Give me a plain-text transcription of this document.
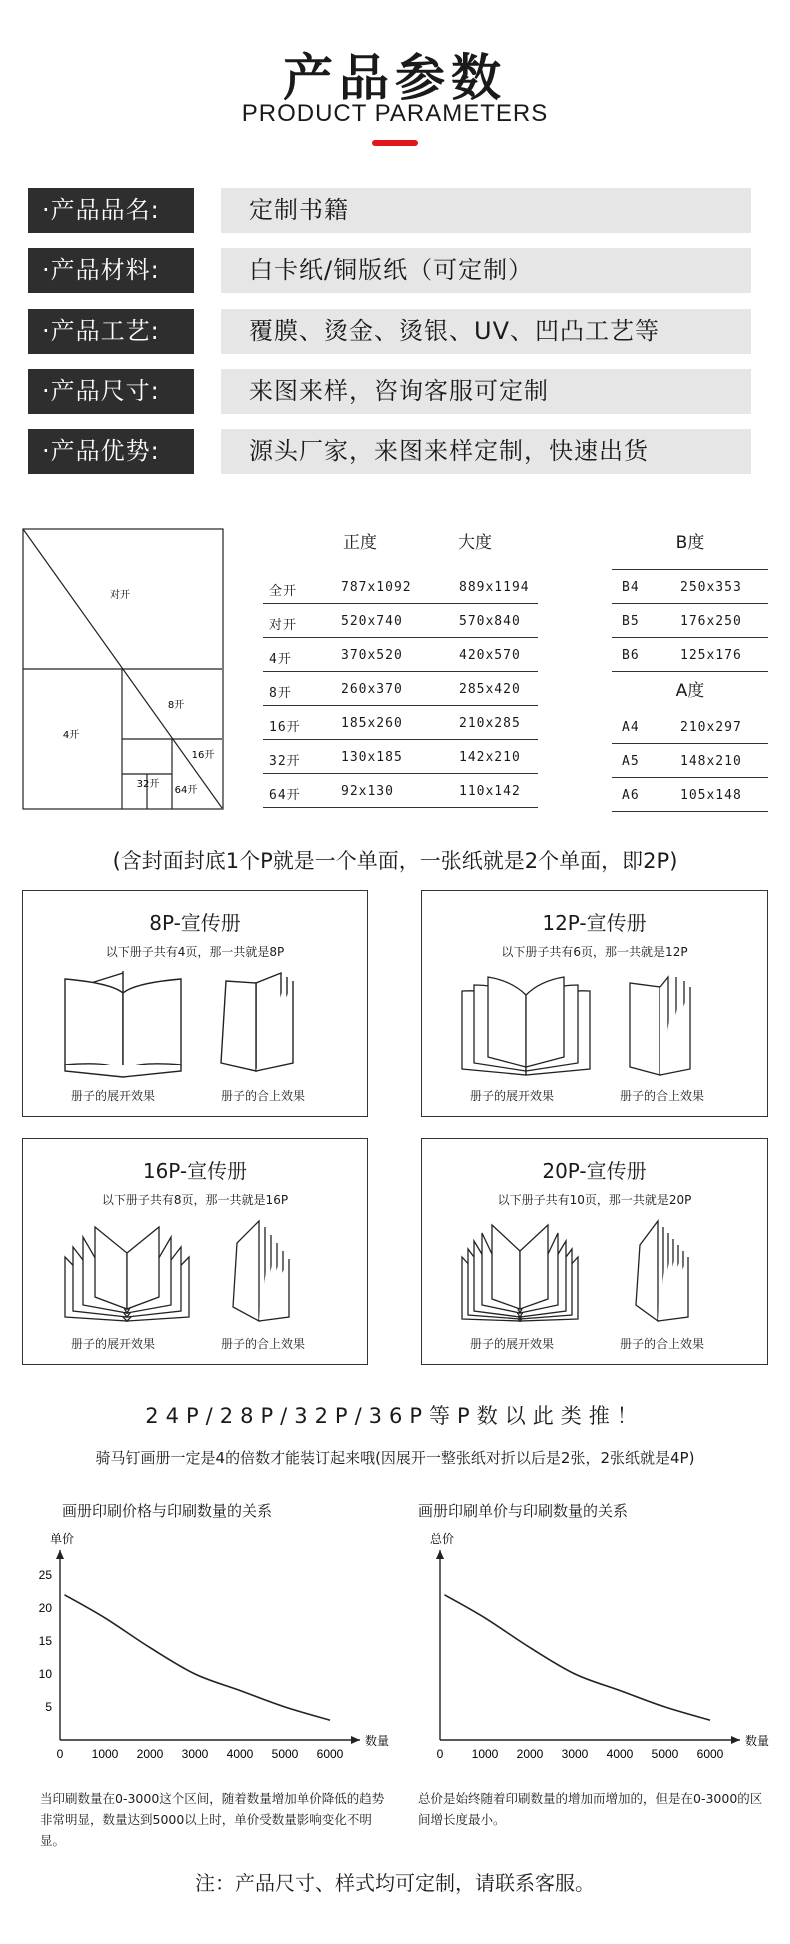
产品参数
PRODUCT PARAMETERS
·产品品名:	定制书籍
·产品材料:	白卡纸/铜版纸（可定制）
·产品工艺:	覆膜、烫金、烫银、UV、凹凸工艺等
·产品尺寸:	来图来样，咨询客服可定制
·产品优势:	源头厂家，来图来样定制，快速出货
对开
4开
8开
16开
32开
64开
正度	大度
全开	787x1092	889x1194
对开	520x740	570x840
4开	370x520	420x570
8开	260x370	285x420
16开	185x260	210x285
32开	130x185	142x210
64开	92x130	110x142
B度
A度
B4	250x353
B5	176x250
B6	125x176
A4	210x297
A5	148x210
A6	105x148
(含封面封底1个P就是一个单面，一张纸就是2个单面，即2P)
8P-宣传册
以下册子共有4页，那一共就是8P
册子的展开效果	册子的合上效果
12P-宣传册
以下册子共有6页，那一共就是12P
册子的展开效果	册子的合上效果
16P-宣传册
以下册子共有8页，那一共就是16P
册子的展开效果	册子的合上效果
20P-宣传册
以下册子共有10页，那一共就是20P
册子的展开效果	册子的合上效果
24P/28P/32P/36P等P数以此类推！
骑马钉画册一定是4的倍数才能装订起来哦(因展开一整张纸对折以后是2张，2张纸就是4P)
画册印刷价格与印刷数量的关系	画册印刷单价与印刷数量的关系
单价
数量
0 1000 2000 3000 4000 5000 6000
5
10
15
20
25
总价
数量
0 1000 2000 3000 4000 5000 6000
当印刷数量在0-3000这个区间，随着数量增加单价降低的趋势非常明显，数量达到5000以上时，单价受数量影响变化不明显。
总价是始终随着印刷数量的增加而增加的，但是在0-3000的区间增长度最小。
注：产品尺寸、样式均可定制，请联系客服。
